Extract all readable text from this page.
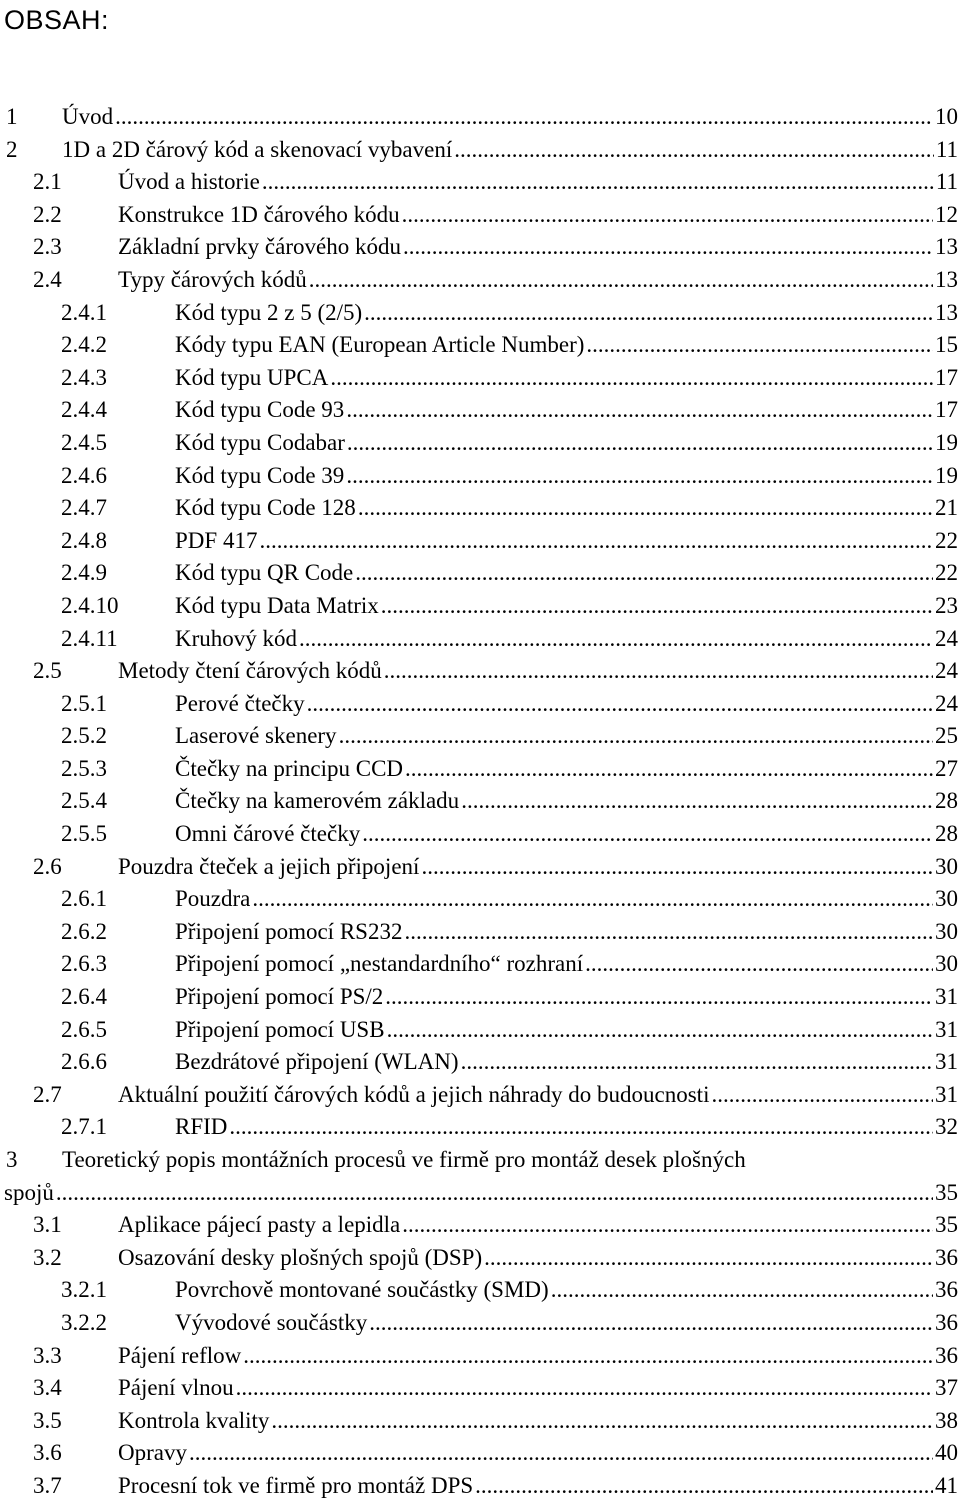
OBSAH:
1 Úvod .....	10
2 1D a 2D čárový kód a skenovací vybavení .....	11
2.1 Úvod a historie .....	11
2.2 Konstrukce 1D čárového kódu .....	12
2.3 Základní prvky čárového kódu .....	13
2.4 Typy čárových kódů .....	13
2.4.1	Kód typu 2 z 5 (2/5) .....	13
2.4.2	Kódy typu EAN (European Article Number) .....	15
2.4.3	Kód typu UPCA .....	17
2.4.4	Kód typu Code 93 .....	17
2.4.5	Kód typu Codabar .....	19
2.4.6	Kód typu Code 39 .....	19
2.4.7	Kód typu Code 128 .....	21
2.4.8	PDF 417 .....	22
2.4.9	Kód typu QR Code .....	22
2.4.10 Kód typu Data Matrix .....	23
2.4.11 Kruhový kód .....	24
2.5 Metody čtení čárových kódů .....	24
2.5.1	Perové čtečky .....	24
2.5.2	Laserové skenery .....	25
2.5.3	Čtečky na principu CCD .....	27
2.5.4	Čtečky na kamerovém základu .....	28
2.5.5	Omni čárové čtečky .....	28
2.6 Pouzdra čteček a jejich připojení .....	30
2.6.1	Pouzdra .....	30
2.6.2	Připojení pomocí RS232 .....	30
2.6.3	Připojení pomocí „nestandardního“ rozhraní .....	30
2.6.4	Připojení pomocí PS/2 .....	31
2.6.5	Připojení pomocí USB .....	31
2.6.6	Bezdrátové připojení (WLAN) .....	31
2.7 Aktuální použití čárových kódů a jejich náhrady do budoucnosti .....	31
2.7.1	RFID .....	32
3 Teoretický popis montážních procesů ve firmě pro montáž desek plošných
spojů .....	35
3.1 Aplikace pájecí pasty a lepidla .....	35
3.2 Osazování desky plošných spojů (DSP) .....	36
3.2.1	Povrchově montované součástky (SMD) .....	36
3.2.2	Vývodové součástky .....	36
3.3 Pájení reflow .....	36
3.4 Pájení vlnou .....	37
3.5 Kontrola kvality .....	38
3.6 Opravy .....	40
3.7 Procesní tok ve firmě pro montáž DPS .....	41
